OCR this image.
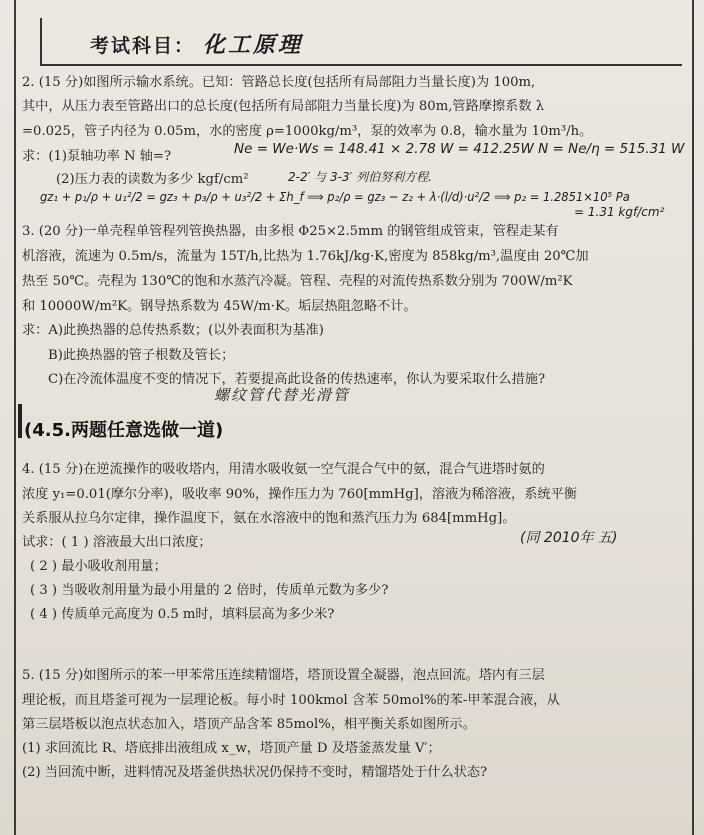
考试科目： 化工原理
2. (15 分)如图所示输水系统。已知：管路总长度(包括所有局部阻力当量长度)为 100m,
其中，从压力表至管路出口的总长度(包括所有局部阻力当量长度)为 80m,管路摩擦系数 λ
=0.025，管子内径为 0.05m，水的密度 ρ=1000kg/m³，泵的效率为 0.8，输水量为 10m³/h。
求：(1)泵轴功率 N 轴=?	Ne = We·Ws = 148.41 × 2.78 W = 412.25W N = Ne/η = 515.31 W
(2)压力表的读数为多少 kgf/cm²	2-2′ 与 3-3′ 列伯努利方程.
gz₁ + p₁/ρ + u₁²/2 = gz₃ + p₃/ρ + u₃²/2 + Σh_f ⟹ p₂/ρ = gz₃ − z₂ + λ·(l/d)·u²/2 ⟹ p₂ = 1.2851×10⁵ Pa
= 1.31 kgf/cm²
3. (20 分)一单壳程单管程列管换热器，由多根 Φ25×2.5mm 的钢管组成管束，管程走某有
机溶液，流速为 0.5m/s，流量为 15T/h,比热为 1.76kJ/kg·K,密度为 858kg/m³,温度由 20℃加
热至 50℃。壳程为 130℃的饱和水蒸汽冷凝。管程、壳程的对流传热系数分别为 700W/m²K
和 10000W/m²K。钢导热系数为 45W/m·K。垢层热阻忽略不计。
求：A)此换热器的总传热系数；(以外表面积为基准)
B)此换热器的管子根数及管长；
C)在冷流体温度不变的情况下，若要提高此设备的传热速率，你认为要采取什么措施?
螺纹管代替光滑管
(4.5.两题任意选做一道)
4. (15 分)在逆流操作的吸收塔内，用清水吸收氨一空气混合气中的氨，混合气进塔时氨的
浓度 y₁=0.01(摩尔分率)，吸收率 90%，操作压力为 760[mmHg]，溶液为稀溶液，系统平衡
关系服从拉乌尔定律，操作温度下，氨在水溶液中的饱和蒸汽压力为 684[mmHg]。
试求：( 1 ) 溶液最大出口浓度；	(同 2010年 五)
( 2 ) 最小吸收剂用量；
( 3 ) 当吸收剂用量为最小用量的 2 倍时，传质单元数为多少?
( 4 ) 传质单元高度为 0.5 m时，填料层高为多少米?
5. (15 分)如图所示的苯一甲苯常压连续精馏塔，塔顶设置全凝器，泡点回流。塔内有三层
理论板，而且塔釜可视为一层理论板。每小时 100kmol 含苯 50mol%的苯-甲苯混合液，从
第三层塔板以泡点状态加入，塔顶产品含苯 85mol%，相平衡关系如图所示。
(1) 求回流比 R、塔底排出液组成 x_w，塔顶产量 D 及塔釜蒸发量 V′；
(2) 当回流中断，进料情况及塔釜供热状况仍保持不变时，精馏塔处于什么状态?
